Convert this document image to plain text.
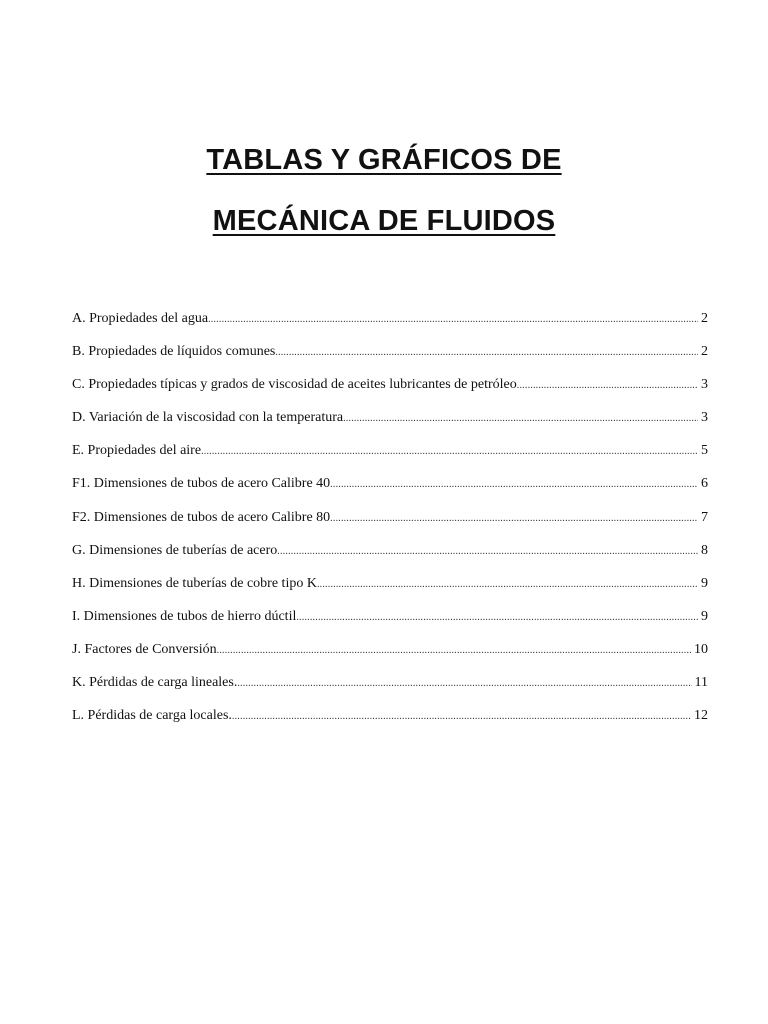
TABLAS Y GRÁFICOS DE
MECÁNICA DE FLUIDOS
A. Propiedades del agua .....	2
B. Propiedades de líquidos comunes .....	2
C. Propiedades típicas y grados de viscosidad de aceites lubricantes de petróleo .....	3
D. Variación de la viscosidad con la temperatura .....	3
E. Propiedades del aire .....	5
F1. Dimensiones de tubos de acero Calibre 40 .....	6
F2. Dimensiones de tubos de acero Calibre 80 .....	7
G. Dimensiones de tuberías de acero .....	8
H. Dimensiones de tuberías de cobre tipo K .....	9
I. Dimensiones de tubos de hierro dúctil .....	9
J. Factores de Conversión .....	10
K. Pérdidas de carga lineales. .....	11
L. Pérdidas de carga locales. .....	12
